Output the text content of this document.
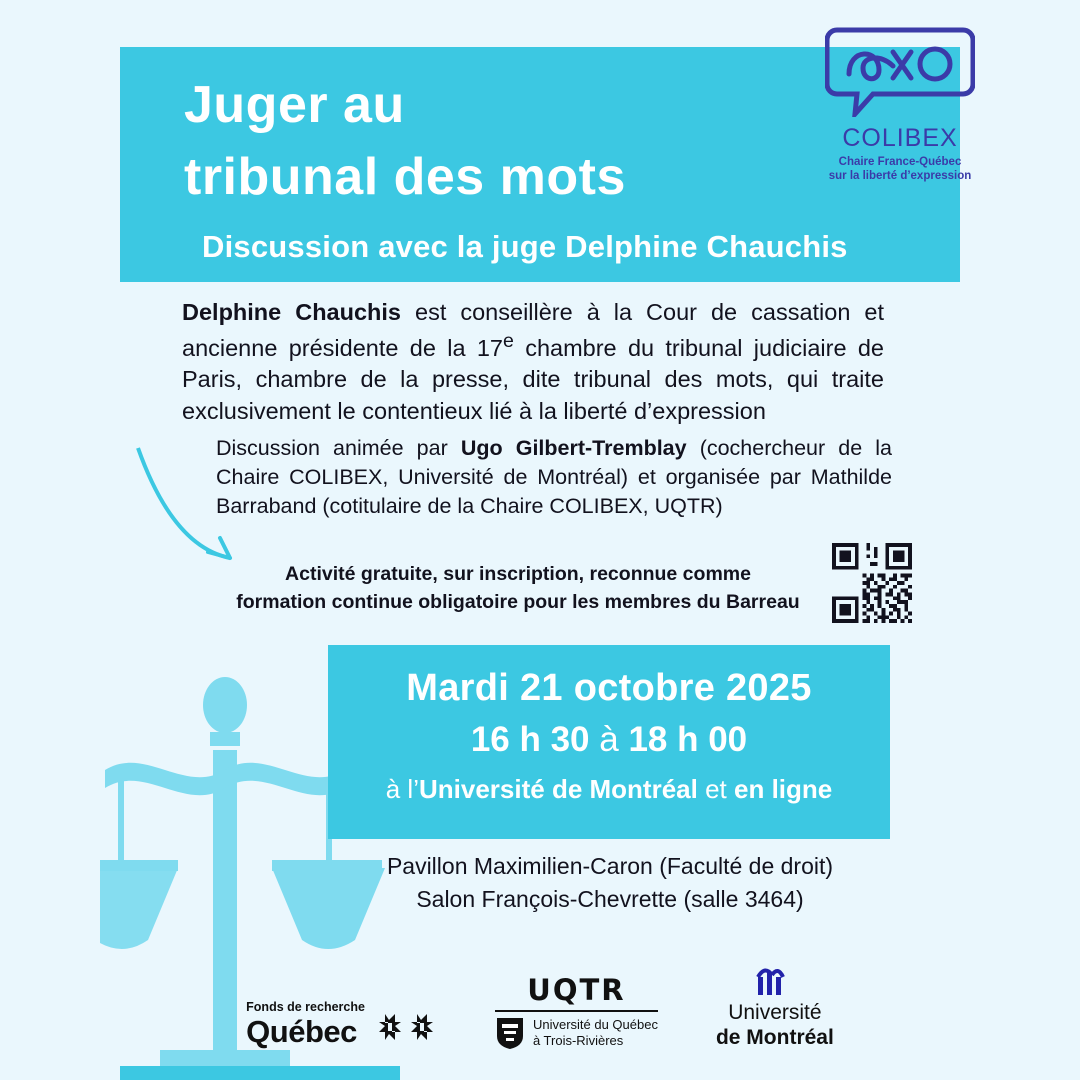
Juger au
tribunal des mots
Discussion avec la juge Delphine Chauchis
COLIBEX
Chaire France-Québec
sur la liberté d’expression
Delphine Chauchis est conseillère à la Cour de cassation et ancienne présidente de la 17e chambre du tribunal judiciaire de Paris, chambre de la presse, dite tribunal des mots, qui traite exclusivement le contentieux lié à la liberté d’expression
Discussion animée par Ugo Gilbert-Tremblay (cochercheur de la Chaire COLIBEX, Université de Montréal) et organisée par Mathilde Barraband (cotitulaire de la Chaire COLIBEX, UQTR)
Activité gratuite, sur inscription, reconnue comme
formation continue obligatoire pour les membres du Barreau
Mardi 21 octobre 2025
16 h 30 à 18 h 00
à l’Université de Montréal et en ligne
Pavillon Maximilien-Caron (Faculté de droit)
Salon François-Chevrette (salle 3464)
Fonds de recherche
Québec
UQTR
Université du Québec
à Trois-Rivières
Université
de Montréal
